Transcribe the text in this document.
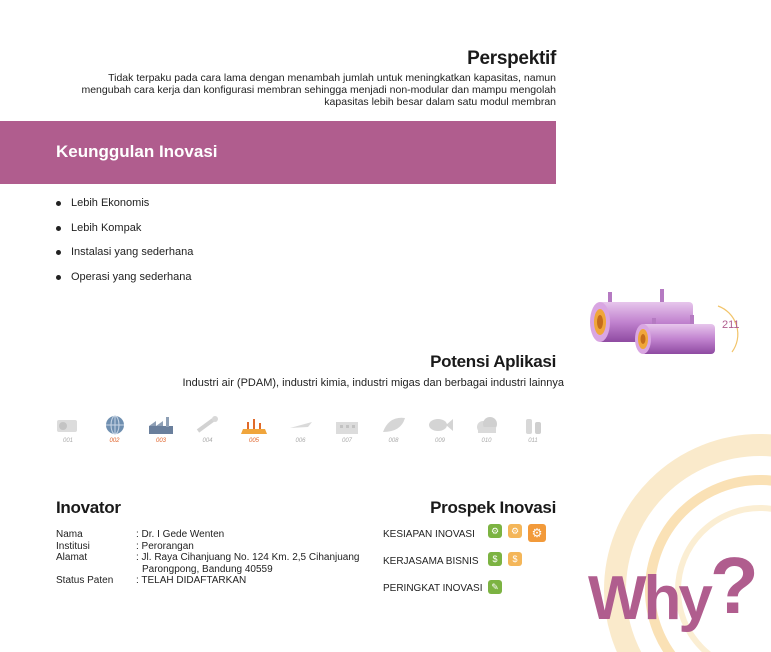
Perspektif
Tidak terpaku pada cara lama dengan menambah jumlah untuk meningkatkan kapasitas, namun
mengubah cara kerja dan konfigurasi membran sehingga menjadi non-modular dan mampu mengolah
kapasitas lebih besar dalam satu modul membran
Keunggulan Inovasi
Lebih Ekonomis
Lebih Kompak
Instalasi yang sederhana
Operasi yang sederhana
211
Potensi Aplikasi
Industri air (PDAM), industri kimia, industri migas dan berbagai industri lainnya
001	002	003	004	005	006	007	008	009	010	011
Inovator
Nama	: Dr. I Gede Wenten
Institusi	: Perorangan
Alamat	: Jl. Raya Cihanjuang No. 124 Km. 2,5 Cihanjuang
	Parongpong, Bandung 40559
Status Paten	: TELAH DIDAFTARKAN
Prospek Inovasi
KESIAPAN INOVASI	⚙	⚙	⚙
KERJASAMA BISNIS	$	$
PERINGKAT INOVASI ✎ Why?
